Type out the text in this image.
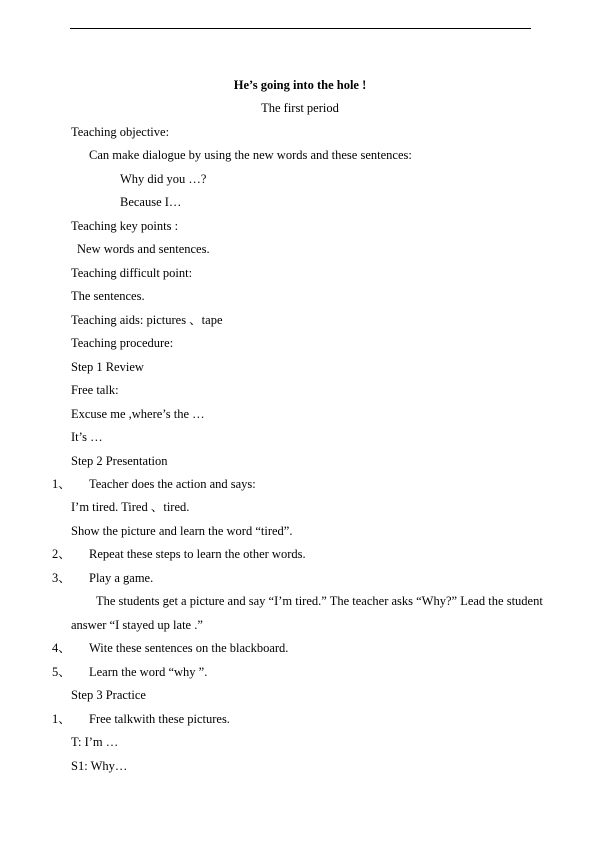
He’s going into the hole !
The first period
Teaching objective:
Can make dialogue by using the new words and these sentences:
Why did you …?
Because I…
Teaching key points :
New words and sentences.
Teaching difficult point:
The sentences.
Teaching aids: pictures 、tape
Teaching procedure:
Step 1 Review
Free talk:
Excuse me ,where’s the …
It’s …
Step 2 Presentation
1、 Teacher does the action and says:
I’m tired. Tired 、tired.
Show the picture and learn the word “tired”.
2、 Repeat these steps to learn the other words.
3、 Play a game.
The students get a picture and say “I’m tired.” The teacher asks “Why?” Lead the student
answer “I stayed up late .”
4、 Wite these sentences on the blackboard.
5、 Learn the word “why ”.
Step 3 Practice
1、 Free talkwith these pictures.
T: I’m …
S1: Why…
